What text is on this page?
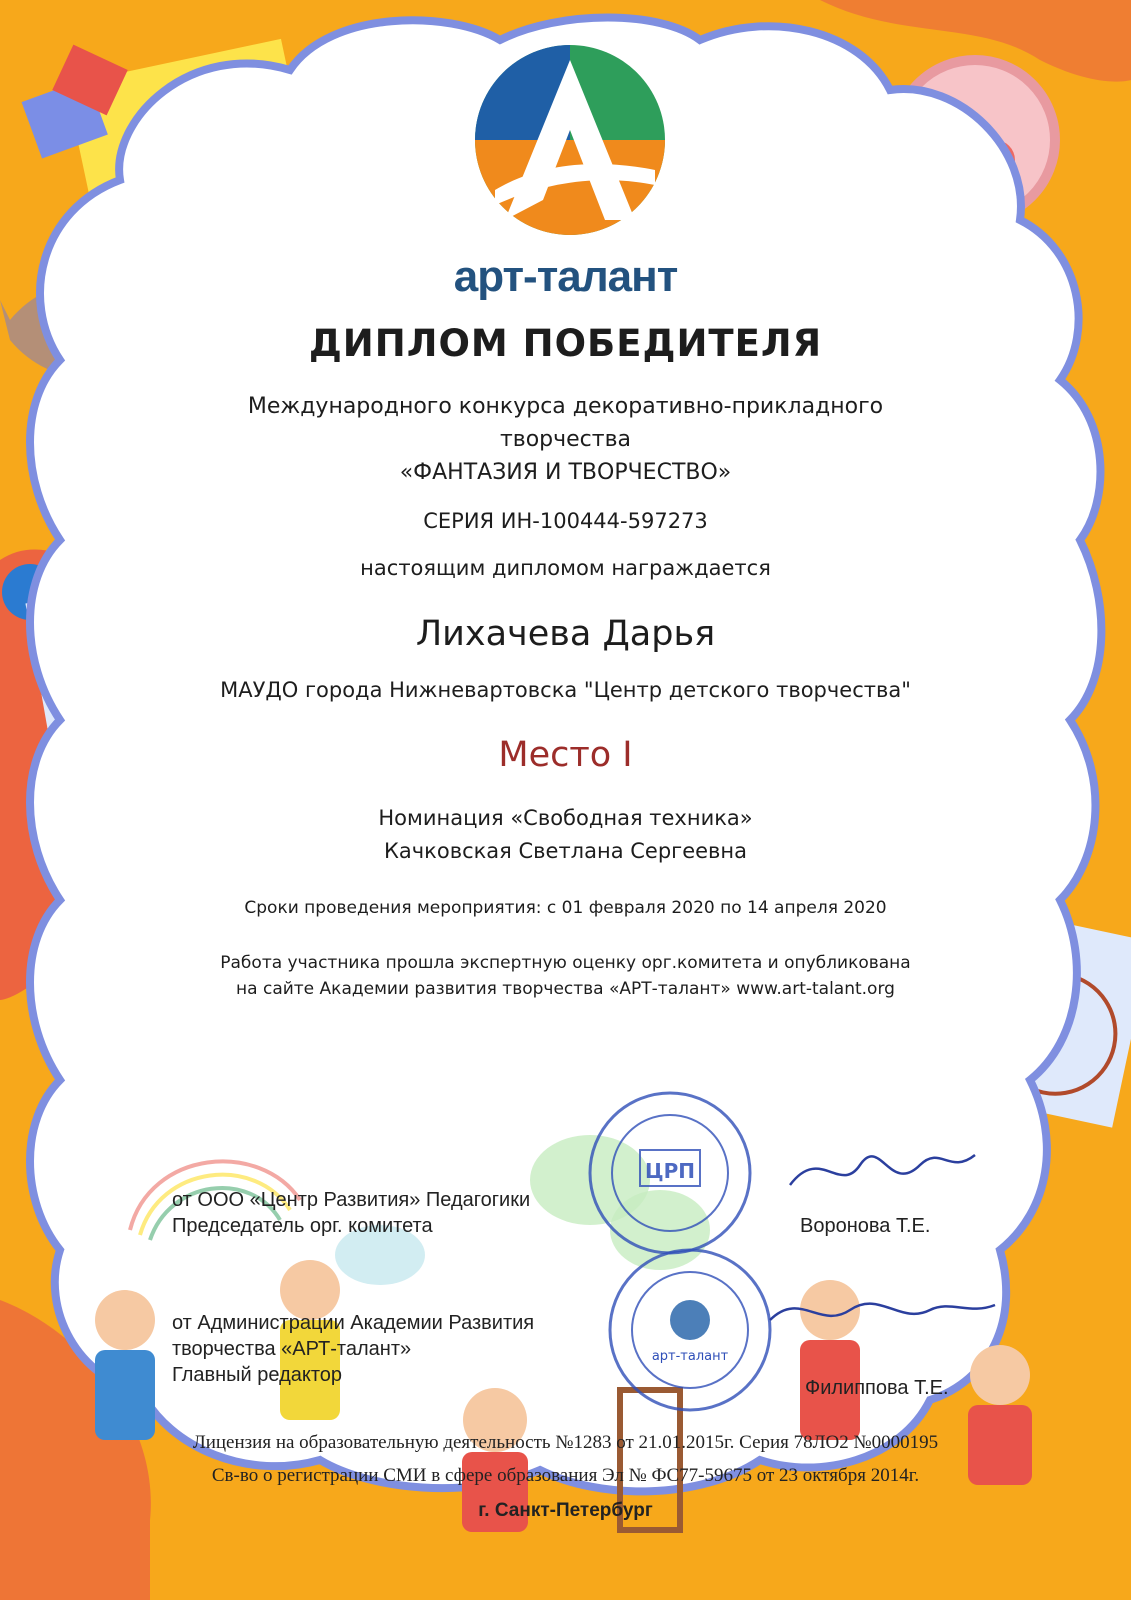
арт-талант
ДИПЛОМ ПОБЕДИТЕЛЯ
Международного конкурса декоративно-прикладного
творчества
«ФАНТАЗИЯ И ТВОРЧЕСТВО»
СЕРИЯ ИН-100444-597273
настоящим дипломом награждается
Лихачева Дарья
МАУДО города Нижневартовска "Центр детского творчества"
Место I
Номинация «Свободная техника»
Качковская Светлана Сергеевна
Сроки проведения мероприятия: с 01 февраля 2020 по 14 апреля 2020
Работа участника прошла экспертную оценку орг.комитета и опубликована
на сайте Академии развития творчества «АРТ-талант» www.art-talant.org
ЦРП
арт-талант
от ООО «Центр Развития» Педагогики
Председатель орг. комитета	Воронова Т.Е.
от Администрации Академии Развития
творчества «АРТ-талант»
Главный редактор
Филиппова Т.Е.
Лицензия на образовательную деятельность №1283 от 21.01.2015г. Серия 78ЛО2 №0000195
Св-во о регистрации СМИ в сфере образования Эл № ФС77-59675 от 23 октября 2014г.
г. Санкт-Петербург
